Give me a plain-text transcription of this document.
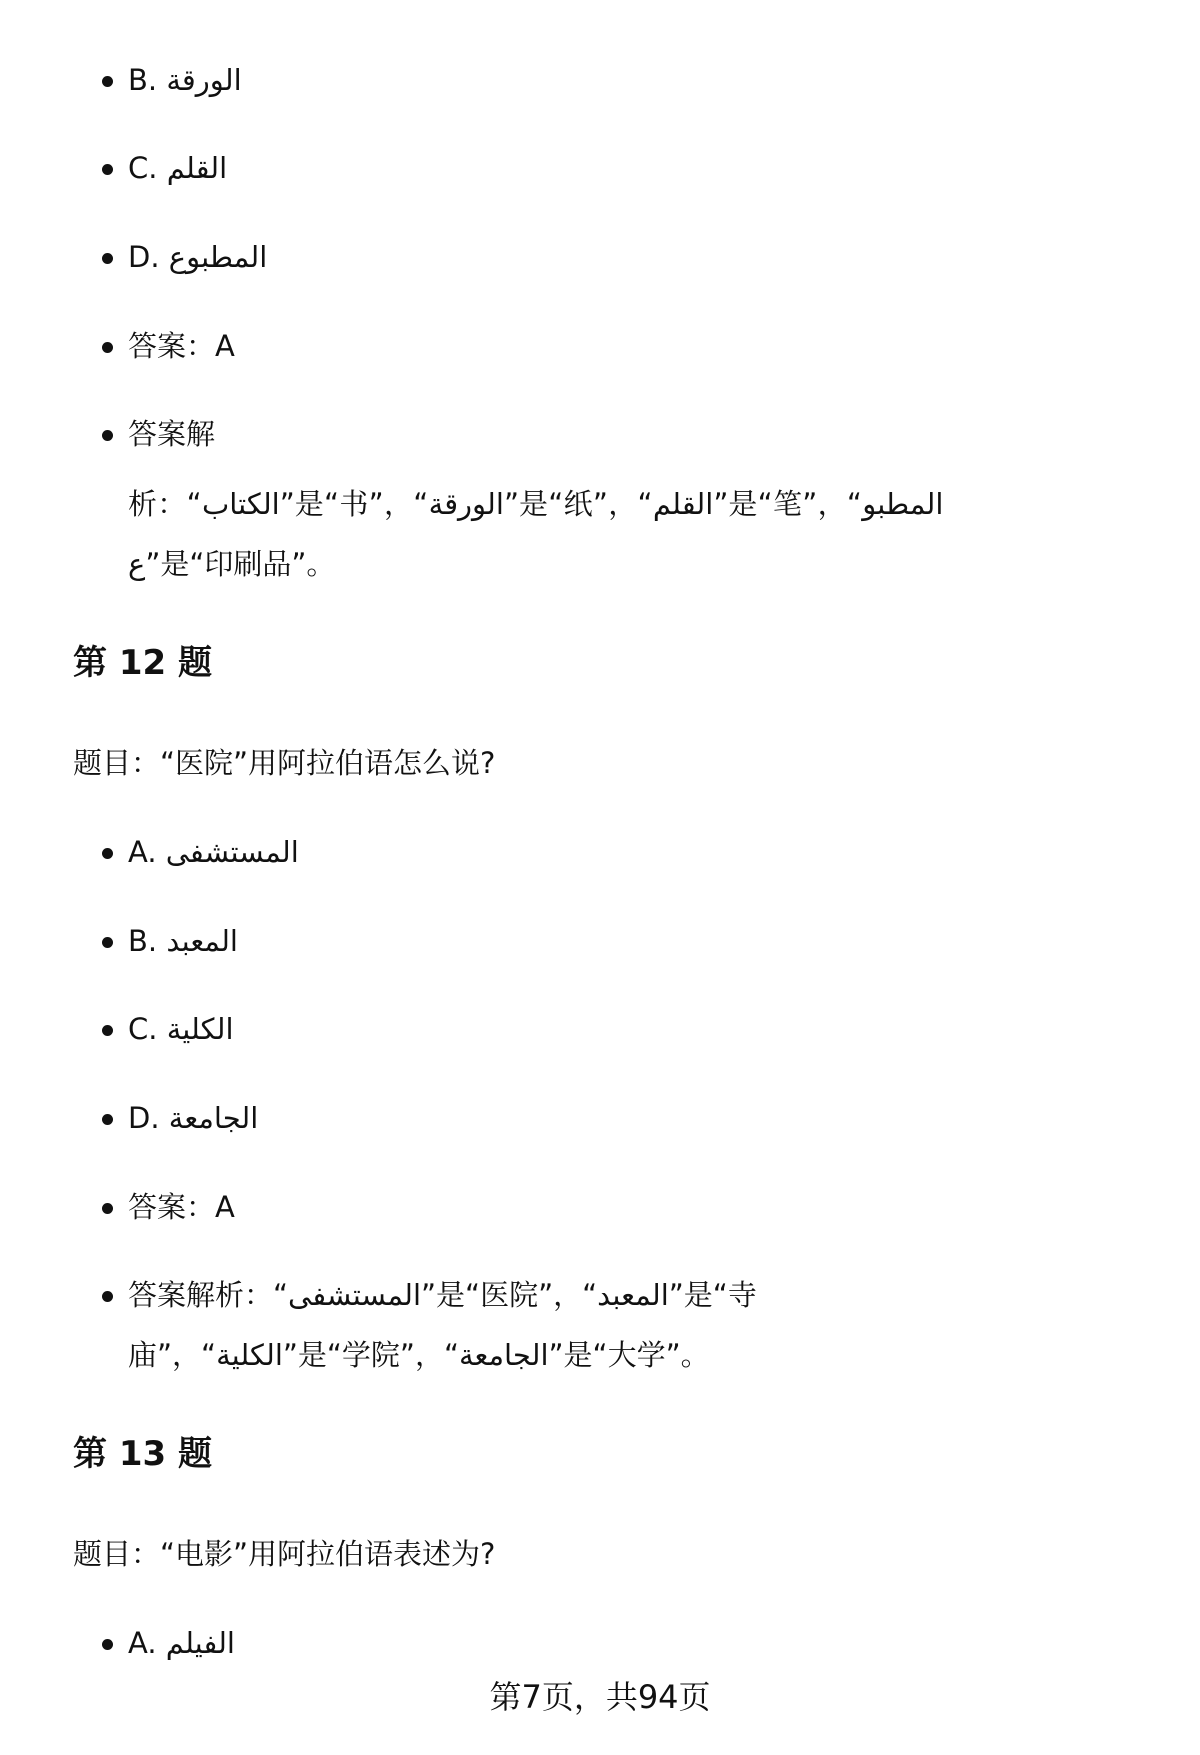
B. الورقة
C. القلم
D. المطبوع
答案：A
答案解
析：“الكتاب”是“书”，“الورقة”是“纸”，“القلم”是“笔”，“المطبو
ع”是“印刷品”。
第 12 题
题目：“医院”用阿拉伯语怎么说?
A. المستشفى
B. المعبد
C. الكلية
D. الجامعة
答案：A
答案解析：“المستشفى”是“医院”，“المعبد”是“寺
庙”，“الكلية”是“学院”，“الجامعة”是“大学”。
第 13 题
题目：“电影”用阿拉伯语表述为?
A. الفيلم
第7页，共94页
